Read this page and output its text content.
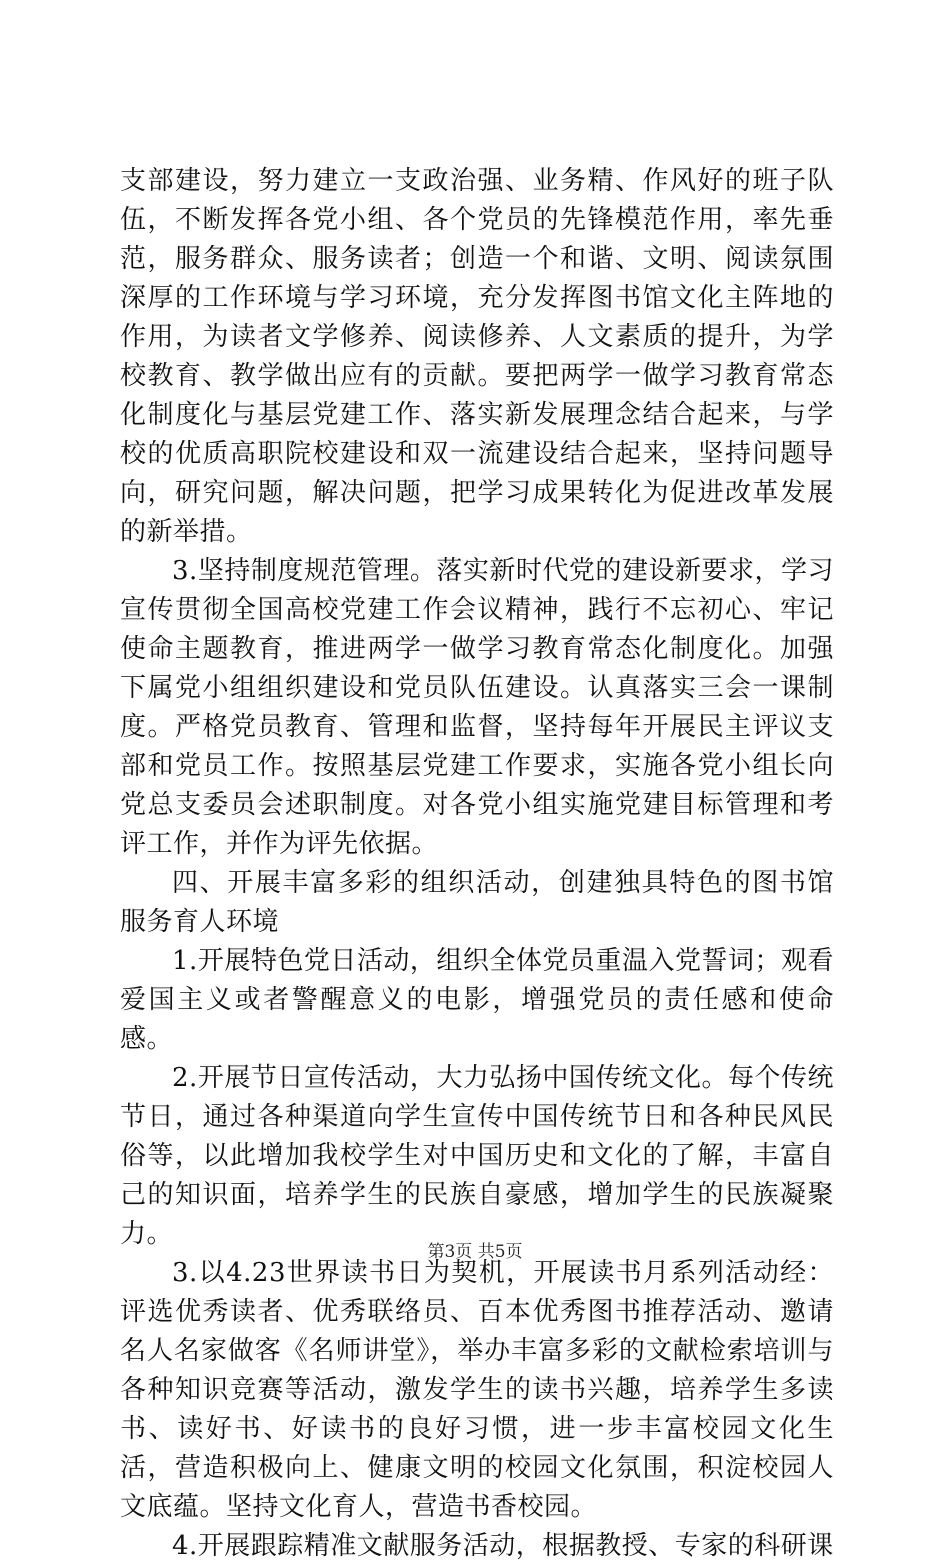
支部建设，努力建立一支政治强、业务精、作风好的班子队伍，不断发挥各党小组、各个党员的先锋模范作用，率先垂范，服务群众、服务读者；创造一个和谐、文明、阅读氛围深厚的工作环境与学习环境，充分发挥图书馆文化主阵地的作用，为读者文学修养、阅读修养、人文素质的提升，为学校教育、教学做出应有的贡献。要把两学一做学习教育常态化制度化与基层党建工作、落实新发展理念结合起来，与学校的优质高职院校建设和双一流建设结合起来，坚持问题导向，研究问题，解决问题，把学习成果转化为促进改革发展的新举措。

3.坚持制度规范管理。落实新时代党的建设新要求，学习宣传贯彻全国高校党建工作会议精神，践行不忘初心、牢记使命主题教育，推进两学一做学习教育常态化制度化。加强下属党小组组织建设和党员队伍建设。认真落实三会一课制度。严格党员教育、管理和监督，坚持每年开展民主评议支部和党员工作。按照基层党建工作要求，实施各党小组长向党总支委员会述职制度。对各党小组实施党建目标管理和考评工作，并作为评先依据。

四、开展丰富多彩的组织活动，创建独具特色的图书馆服务育人环境

1.开展特色党日活动，组织全体党员重温入党誓词；观看爱国主义或者警醒意义的电影，增强党员的责任感和使命感。

2.开展节日宣传活动，大力弘扬中国传统文化。每个传统节日，通过各种渠道向学生宣传中国传统节日和各种民风民俗等，以此增加我校学生对中国历史和文化的了解，丰富自己的知识面，培养学生的民族自豪感，增加学生的民族凝聚力。

3.以4.23世界读书日为契机，开展读书月系列活动经：评选优秀读者、优秀联络员、百本优秀图书推荐活动、邀请名人名家做客《名师讲堂》，举办丰富多彩的文献检索培训与各种知识竞赛等活动，激发学生的读书兴趣，培养学生多读书、读好书、好读书的良好习惯，进一步丰富校园文化生活，营造积极向上、健康文明的校园文化氛围，积淀校园人文底蕴。坚持文化育人，营造书香校园。

4.开展跟踪精准文献服务活动，根据教授、专家的科研课

第3页 共5页
